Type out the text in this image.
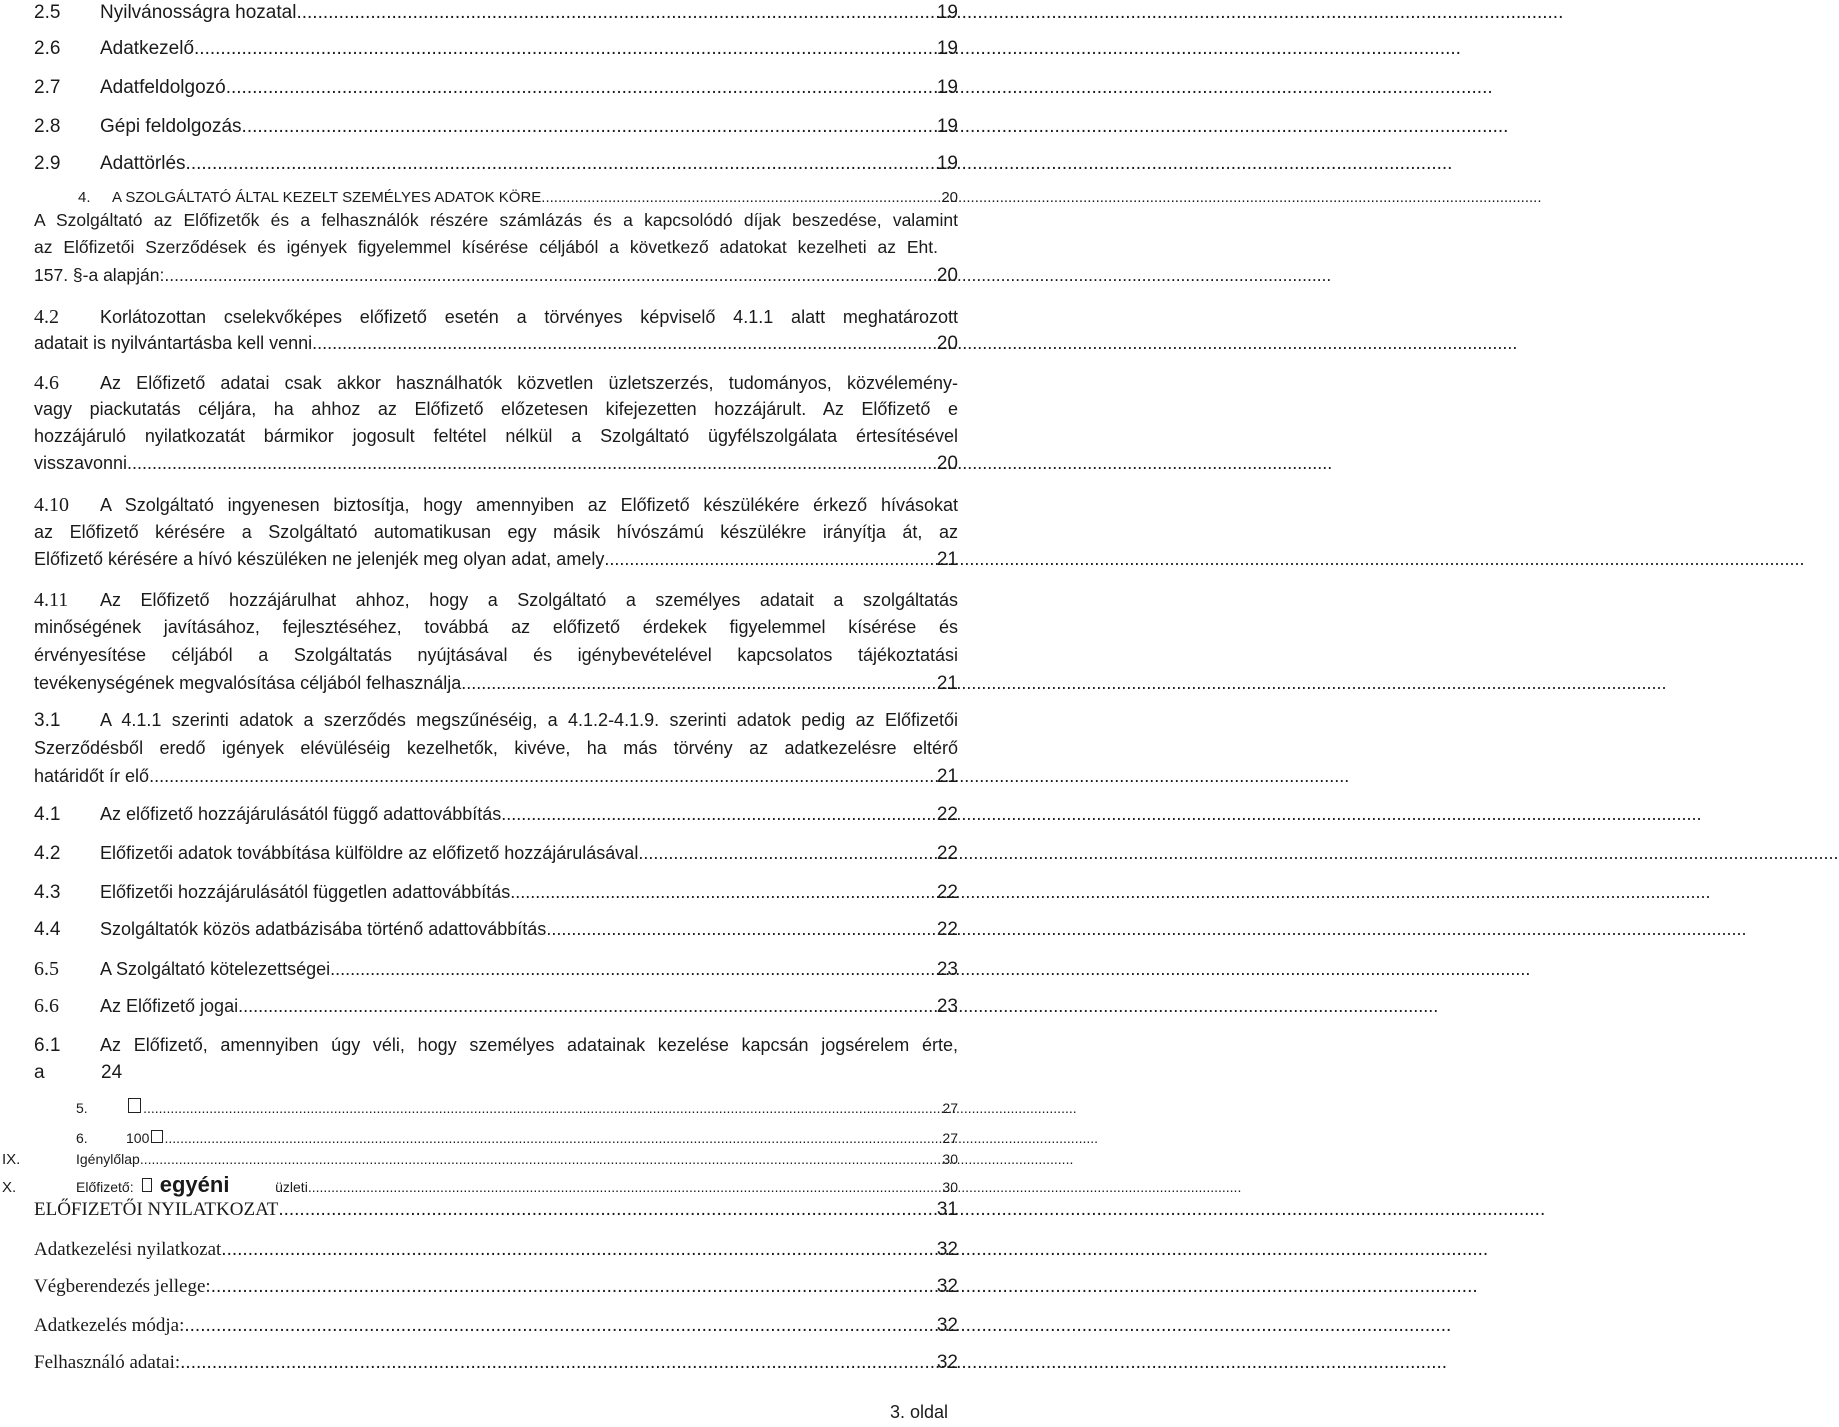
2.5	Nyilvánosságra hozatal .....	19
2.6	Adatkezelő .....	19
2.7	Adatfeldolgozó .....	19
2.8	Gépi feldolgozás .....	19
2.9	Adattörlés .....	19
4.	A SZOLGÁLTATÓ ÁLTAL KEZELT SZEMÉLYES ADATOK KÖRE .....	20
A Szolgáltató az Előfizetők és a felhasználók részére számlázás és a kapcsolódó díjak beszedése, valamint
az Előfizetői Szerződések és igények figyelemmel kísérése céljából a következő adatokat kezelheti az Eht.
157. §-a alapján: .....	20
4.2	Korlátozottan cselekvőképes előfizető esetén a törvényes képviselő 4.1.1 alatt meghatározott
adatait is nyilvántartásba kell venni. .....	20
4.6	Az Előfizető adatai csak akkor használhatók közvetlen üzletszerzés, tudományos, közvélemény-
vagy piackutatás céljára, ha ahhoz az Előfizető előzetesen kifejezetten hozzájárult. Az Előfizető e
hozzájáruló nyilatkozatát bármikor jogosult feltétel nélkül a Szolgáltató ügyfélszolgálata értesítésével
visszavonni. .....	20
4.10	A Szolgáltató ingyenesen biztosítja, hogy amennyiben az Előfizető készülékére érkező hívásokat
az Előfizető kérésére a Szolgáltató automatikusan egy másik hívószámú készülékre irányítja át, az
Előfizető kérésére a hívó készüléken ne jelenjék meg olyan adat, amely .....	21
4.11	Az Előfizető hozzájárulhat ahhoz, hogy a Szolgáltató a személyes adatait a szolgáltatás
minőségének javításához, fejlesztéséhez, továbbá az előfizető érdekek figyelemmel kísérése és
érvényesítése céljából a Szolgáltatás nyújtásával és igénybevételével kapcsolatos tájékoztatási
tevékenységének megvalósítása céljából felhasználja. .....	21
3.1	A 4.1.1 szerinti adatok a szerződés megszűnéséig, a 4.1.2-4.1.9. szerinti adatok pedig az Előfizetői
Szerződésből eredő igények elévüléséig kezelhetők, kivéve, ha más törvény az adatkezelésre eltérő
határidőt ír elő .....	21
4.1	Az előfizető hozzájárulásától függő adattovábbítás .....	22
4.2	Előfizetői adatok továbbítása külföldre az előfizető hozzájárulásával .....	22
4.3	Előfizetői hozzájárulásától független adattovábbítás .....	22
4.4	Szolgáltatók közös adatbázisába történő adattovábbítás .....	22
6.5	A Szolgáltató kötelezettségei .....	23
6.6	Az Előfizető jogai .....	23
6.1	Az Előfizető, amennyiben úgy véli, hogy személyes adatainak kezelése kapcsán jogsérelem érte,
a	24
5. .....	27
6.	100 .....	27
IX.	Igénylőlap .....	30
X.	Előfizető: egyéni	üzleti .....	30
ELŐFIZETŐI NYILATKOZAT .....	31
Adatkezelési nyilatkozat .....	32
Végberendezés jellege: .....	32
Adatkezelés módja: .....	32
Felhasználó adatai: .....	32
3. oldal
